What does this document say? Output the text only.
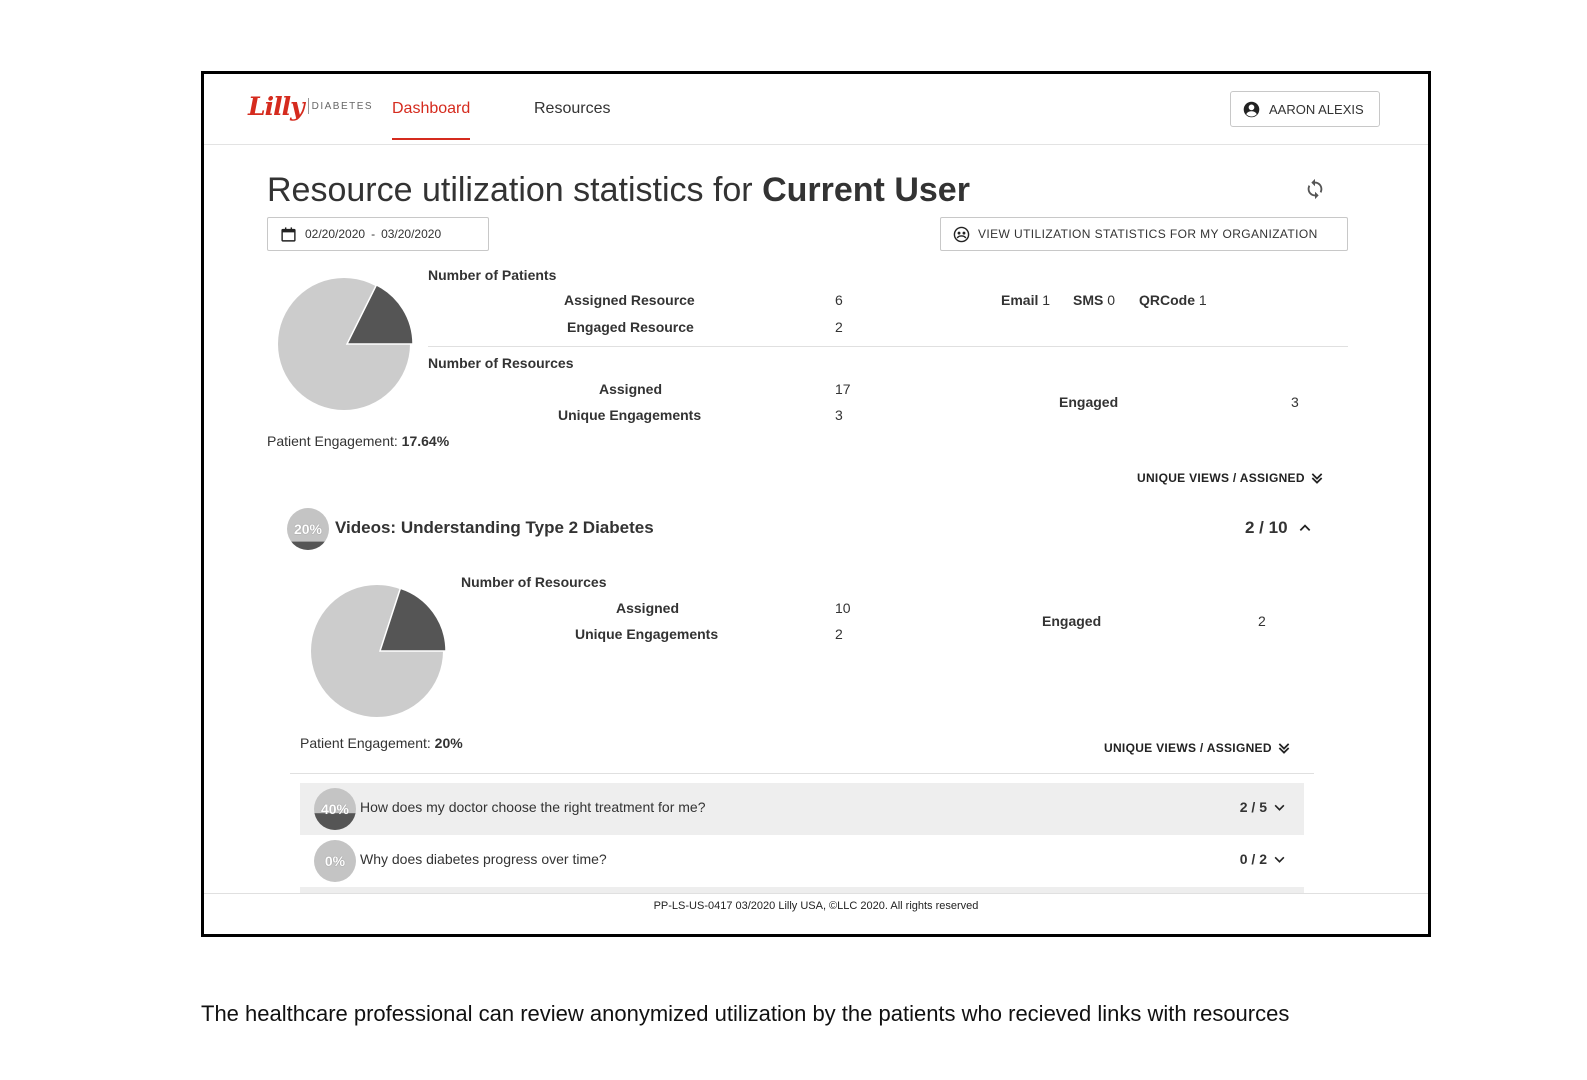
Lilly DIABETES Dashboard	Resources	AARON ALEXIS
Resource utilization statistics for Current User
02/20/2020 - 03/20/2020	VIEW UTILIZATION STATISTICS FOR MY ORGANIZATION
Number of Patients
Assigned Resource	6
Engaged Resource	2
Email 1 SMS 0 QRCode 1
Number of Resources
Assigned	17
Unique Engagements	3
Engaged	3
Patient Engagement: 17.64%
UNIQUE VIEWS / ASSIGNED
20% Videos: Understanding Type 2 Diabetes	2 / 10
Number of Resources
Assigned	10
Unique Engagements	2
Engaged	2
Patient Engagement: 20%	UNIQUE VIEWS / ASSIGNED
40% How does my doctor choose the right treatment for me?	2 / 5
0%	Why does diabetes progress over time?	0 / 2
PP-LS-US-0417 03/2020 Lilly USA, ©LLC 2020. All rights reserved
The healthcare professional can review anonymized utilization by the patients who recieved links with resources
